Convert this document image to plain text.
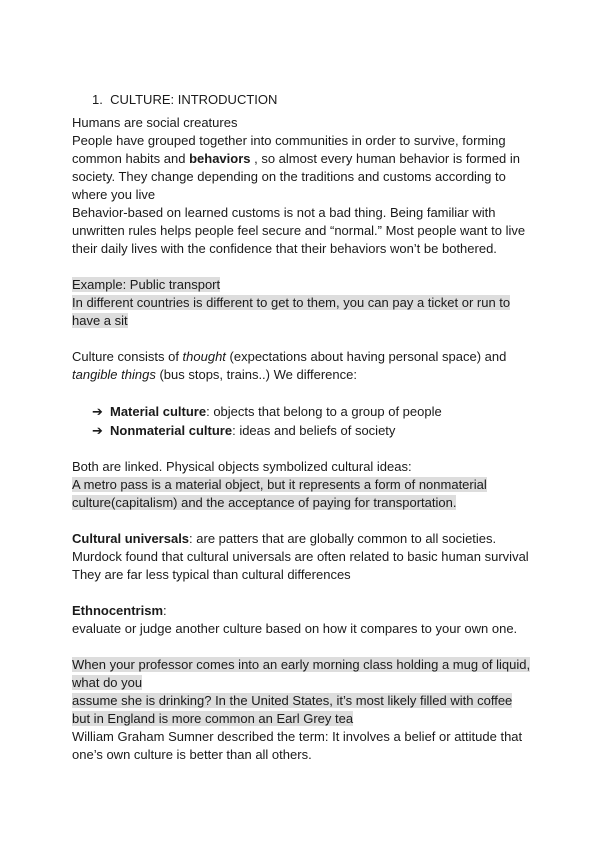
1. CULTURE: INTRODUCTION
Humans are social creatures
People have grouped together into communities in order to survive, forming
common habits and behaviors , so almost every human behavior is formed in
society. They change depending on the traditions and customs according to
where you live
Behavior-based on learned customs is not a bad thing. Being familiar with
unwritten rules helps people feel secure and “normal.” Most people want to live
their daily lives with the confidence that their behaviors won’t be bothered.
Example: Public transport
In different countries is different to get to them, you can pay a ticket or run to
have a sit
Culture consists of thought (expectations about having personal space) and
tangible things (bus stops, trains..) We difference:
➔ Material culture: objects that belong to a group of people
➔ Nonmaterial culture: ideas and beliefs of society
Both are linked. Physical objects symbolized cultural ideas:
A metro pass is a material object, but it represents a form of nonmaterial
culture(capitalism) and the acceptance of paying for transportation.
Cultural universals: are patters that are globally common to all societies.
Murdock found that cultural universals are often related to basic human survival
They are far less typical than cultural differences
Ethnocentrism:
evaluate or judge another culture based on how it compares to your own one.
When your professor comes into an early morning class holding a mug of liquid,
what do you
assume she is drinking? In the United States, it’s most likely filled with coffee
but in England is more common an Earl Grey tea
William Graham Sumner described the term: It involves a belief or attitude that
one’s own culture is better than all others.
